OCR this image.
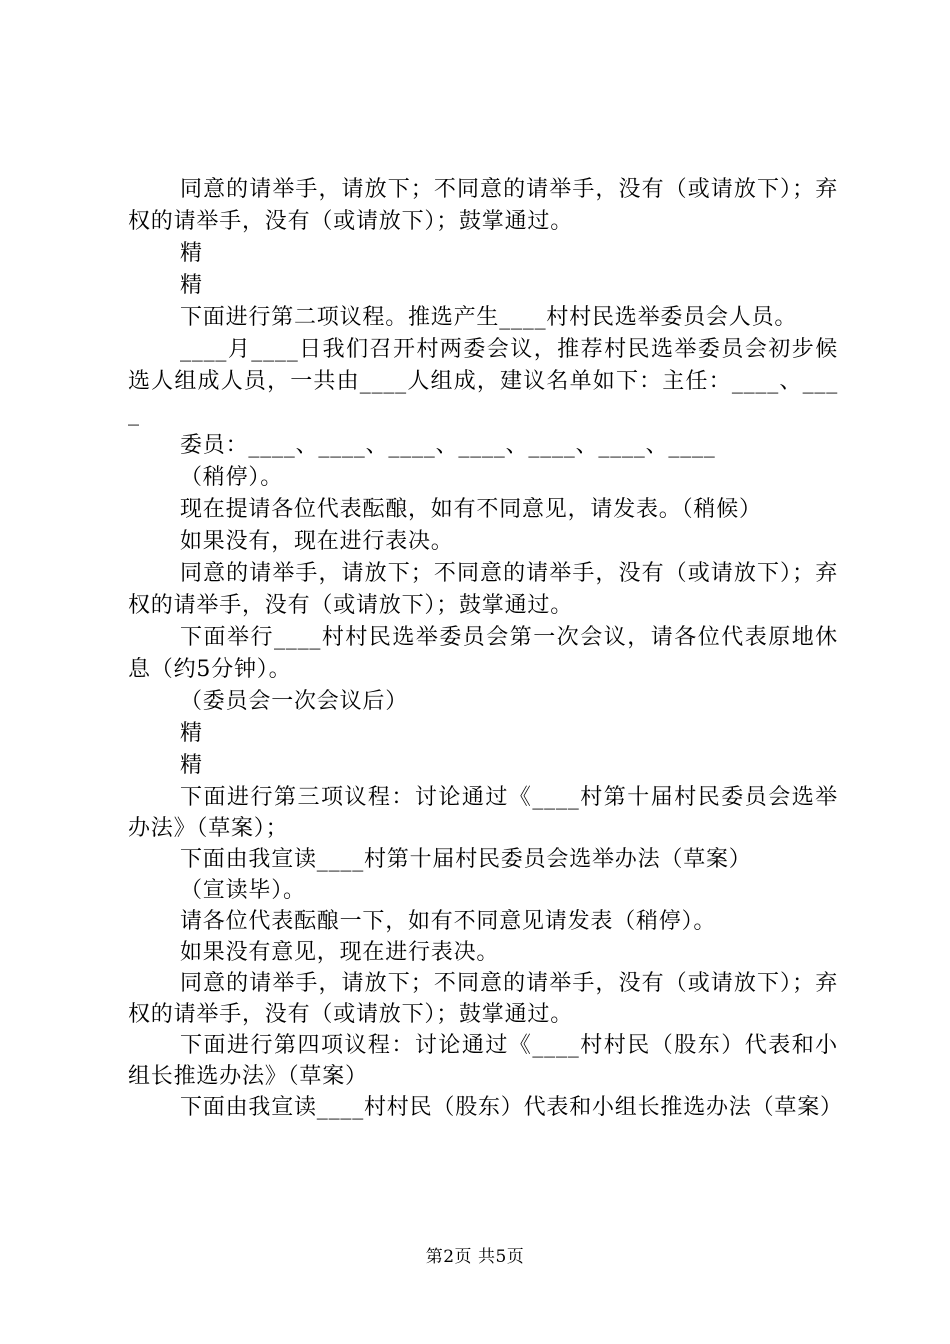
同意的请举手，请放下；不同意的请举手，没有（或请放下）；弃权的请举手，没有（或请放下）；鼓掌通过。

精

精

下面进行第二项议程。推选产生____村村民选举委员会人员。

____月____日我们召开村两委会议，推荐村民选举委员会初步候选人组成人员，一共由____人组成，建议名单如下：主任：____、____

委员：____、____、____、____、____、____、____

（稍停）。

现在提请各位代表酝酿，如有不同意见，请发表。（稍候）

如果没有，现在进行表决。

同意的请举手，请放下；不同意的请举手，没有（或请放下）；弃权的请举手，没有（或请放下）；鼓掌通过。

下面举行____村村民选举委员会第一次会议，请各位代表原地休息（约5分钟）。

（委员会一次会议后）

精

精

下面进行第三项议程：讨论通过《____村第十届村民委员会选举办法》（草案）；

下面由我宣读____村第十届村民委员会选举办法（草案）

（宣读毕）。

请各位代表酝酿一下，如有不同意见请发表（稍停）。

如果没有意见，现在进行表决。

同意的请举手，请放下；不同意的请举手，没有（或请放下）；弃权的请举手，没有（或请放下）；鼓掌通过。

下面进行第四项议程：讨论通过《____村村民（股东）代表和小组长推选办法》（草案）

下面由我宣读____村村民（股东）代表和小组长推选办法（草案）

第2页 共5页
